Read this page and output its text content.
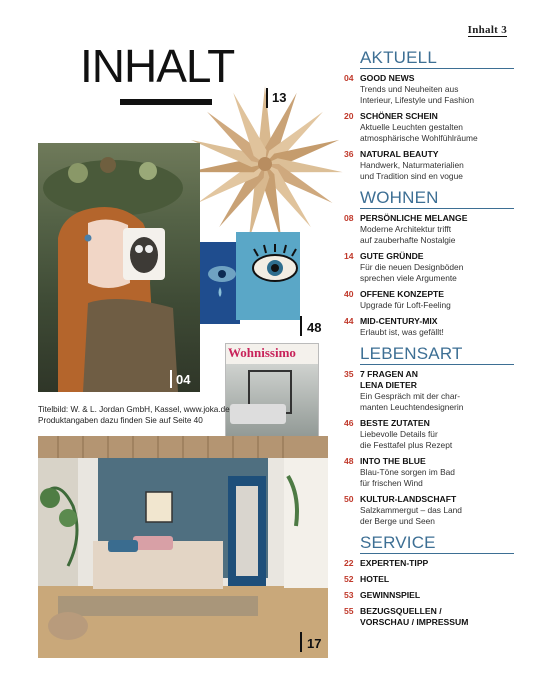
Inhalt 3
INHALT
13
04
48
Wohnissimo
Titelbild: W. & L. Jordan GmbH, Kassel, www.joka.de
Produktangaben dazu finden Sie auf Seite 40
17
AKTUELL
04 GOOD NEWS
Trends und Neuheiten aus
Interieur, Lifestyle und Fashion
20 SCHÖNER SCHEIN
Aktuelle Leuchten gestalten
atmosphärische Wohlfühlräume
36 NATURAL BEAUTY
Handwerk, Naturmaterialien
und Tradition sind en vogue
WOHNEN
08 PERSÖNLICHE MELANGE
Moderne Architektur trifft
auf zauberhafte Nostalgie
14 GUTE GRÜNDE
Für die neuen Designböden
sprechen viele Argumente
40 OFFENE KONZEPTE
Upgrade für Loft-Feeling
44 MID-CENTURY-MIX
Erlaubt ist, was gefällt!
LEBENSART
35 7 FRAGEN AN
LENA DIETER
Ein Gespräch mit der char-
manten Leuchtendesignerin
46 BESTE ZUTATEN
Liebevolle Details für
die Festtafel plus Rezept
48 INTO THE BLUE
Blau-Töne sorgen im Bad
für frischen Wind
50 KULTUR-LANDSCHAFT
Salzkammergut – das Land
der Berge und Seen
SERVICE
22 EXPERTEN-TIPP
52 HOTEL
53 GEWINNSPIEL
55 BEZUGSQUELLEN /
VORSCHAU / IMPRESSUM
